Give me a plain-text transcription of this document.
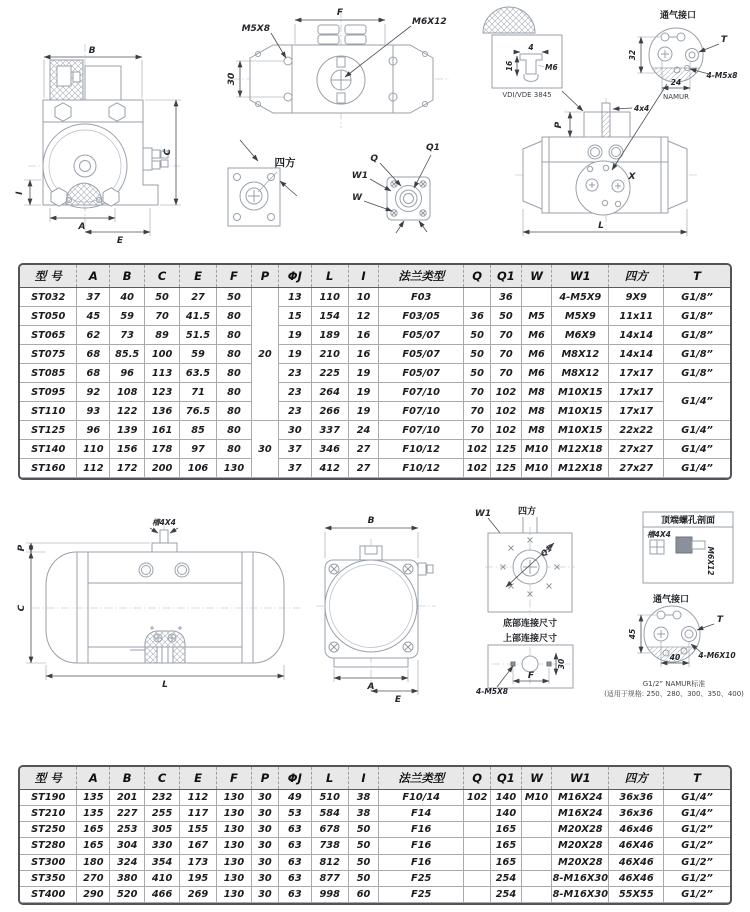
B
C
I
A
E
F
M5X8
M6X12
30
四方	Q
Q1
W1
W
4
M6
16
VDI/VDE 3845
通气接口
32
24
NAMUR
T
4-M5x8
X
P
4x4
L
型 号	A	B	C	E	F	P	ΦJ	L	I	法兰类型	Q	Q1	W	W1	四方	T
ST032	37	40	50	27	50	20	13	110	10	F03		36		4-M5X9	9X9	G1/8”
ST050	45	59	70	41.5	80		15	154	12	F03/05	36	50	M5	M5X9	11x11	G1/8”
ST065	62	73	89	51.5	80		19	189	16	F05/07	50	70	M6	M6X9	14x14	G1/8”
ST075	68	85.5	100	59	80		19	210	16	F05/07	50	70	M6	M8X12	14x14	G1/8”
ST085	68	96	113	63.5	80		23	225	19	F05/07	50	70	M6	M8X12	17x17	G1/8”
ST095	92	108	123	71	80		23	264	19	F07/10	70	102	M8	M10X15	17x17	G1/4”
ST110	93	122	136	76.5	80		23	266	19	F07/10	70	102	M8	M10X15	17x17	
ST125	96	139	161	85	80	30	30	337	24	F07/10	70	102	M8	M10X15	22x22	G1/4”
ST140	110	156	178	97	80		37	346	27	F10/12	102	125	M10	M12X18	27x27	G1/4”
ST160	112	172	200	106	130		37	412	27	F10/12	102	125	M10	M12X18	27x27	G1/4”
槽4X4
P
C
L
B
A
E
W1	四方
Q1
底部连接尺寸
上部连接尺寸
30
F
4-M5X8
顶端螺孔剖面
槽4X4
M6X12
通气接口
45
40
T
4-M6X10
G1/2” NAMUR标准
(适用于规格: 250、280、300、350、400)
型 号	A	B	C	E	F	P	ΦJ	L	I	法兰类型	Q	Q1	W	W1	四方	T
ST190	135	201	232	112	130	30	49	510	38	F10/14	102	140	M10	M16X24	36x36	G1/4”
ST210	135	227	255	117	130	30	53	584	38	F14		140		M16X24	36x36	G1/4”
ST250	165	253	305	155	130	30	63	678	50	F16		165		M20X28	46x46	G1/2”
ST280	165	304	330	167	130	30	63	738	50	F16		165		M20X28	46X46	G1/2”
ST300	180	324	354	173	130	30	63	812	50	F16		165		M20X28	46X46	G1/2”
ST350	270	380	410	195	130	30	63	877	50	F25		254		8-M16X30	46X46	G1/2”
ST400	290	520	466	269	130	30	63	998	60	F25		254		8-M16X30	55X55	G1/2”
